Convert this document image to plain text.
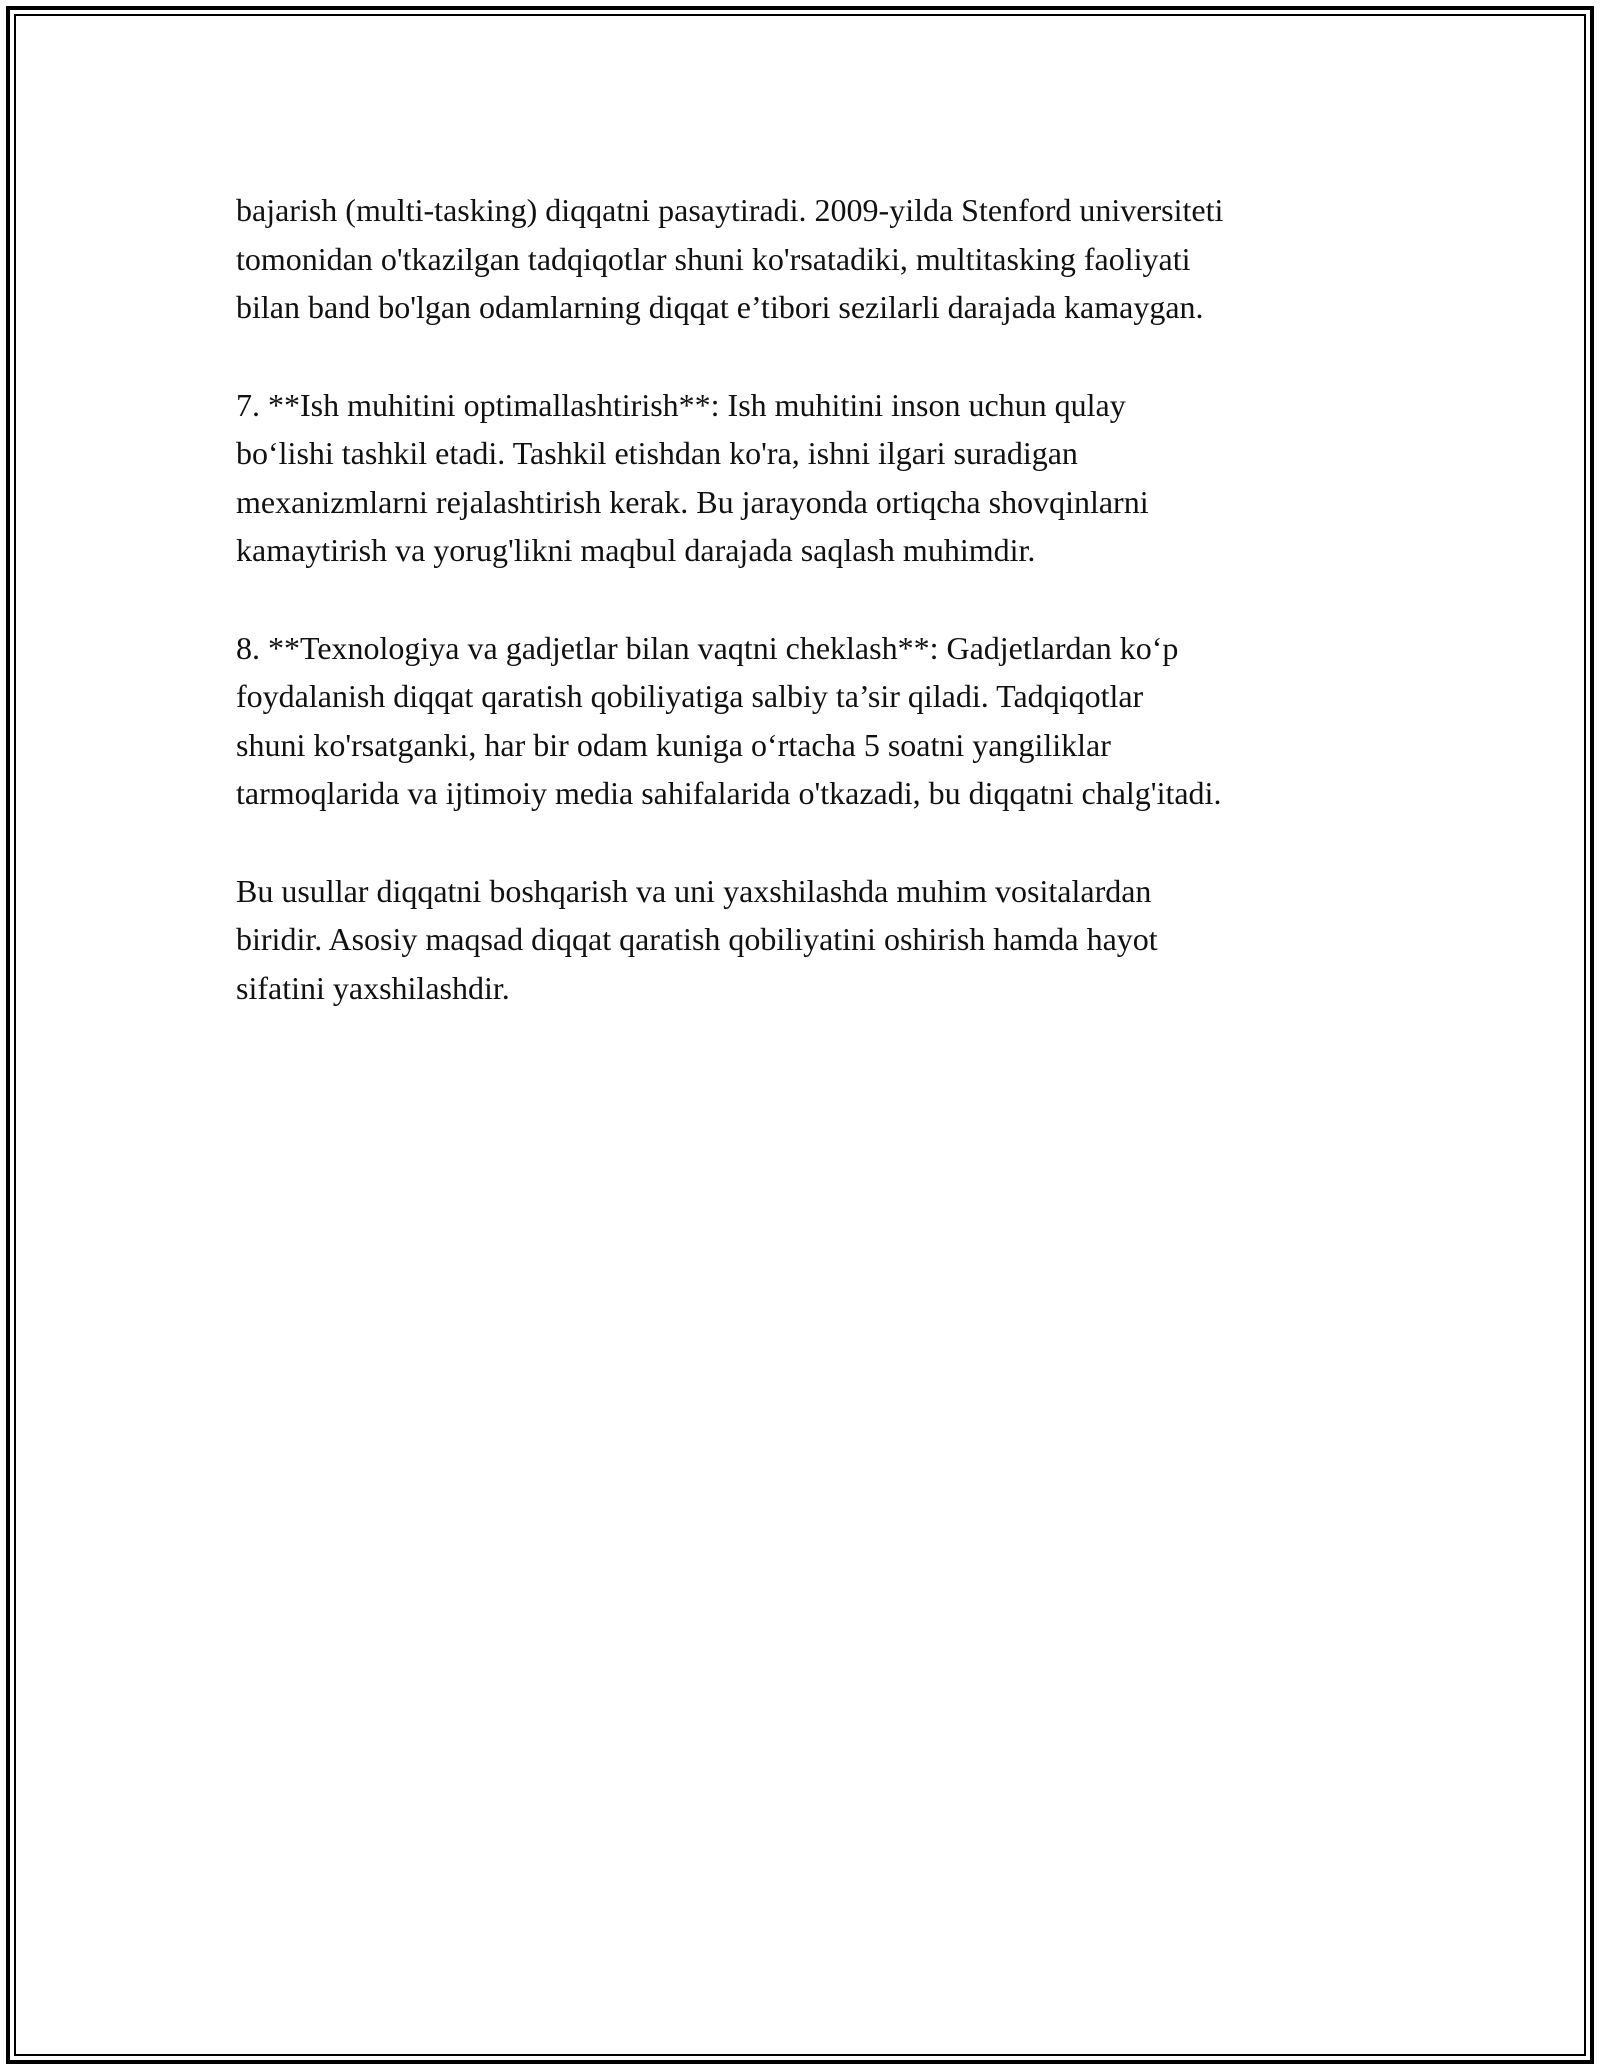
bajarish (multi-tasking) diqqatni pasaytiradi. 2009-yilda Stenford universiteti
tomonidan o'tkazilgan tadqiqotlar shuni ko'rsatadiki, multitasking faoliyati
bilan band bo'lgan odamlarning diqqat e’tibori sezilarli darajada kamaygan.

7. **Ish muhitini optimallashtirish**: Ish muhitini inson uchun qulay
bo‘lishi tashkil etadi. Tashkil etishdan ko'ra, ishni ilgari suradigan
mexanizmlarni rejalashtirish kerak. Bu jarayonda ortiqcha shovqinlarni
kamaytirish va yorug'likni maqbul darajada saqlash muhimdir.

8. **Texnologiya va gadjetlar bilan vaqtni cheklash**: Gadjetlardan ko‘p
foydalanish diqqat qaratish qobiliyatiga salbiy ta’sir qiladi. Tadqiqotlar
shuni ko'rsatganki, har bir odam kuniga o‘rtacha 5 soatni yangiliklar
tarmoqlarida va ijtimoiy media sahifalarida o'tkazadi, bu diqqatni chalg'itadi.

Bu usullar diqqatni boshqarish va uni yaxshilashda muhim vositalardan
biridir. Asosiy maqsad diqqat qaratish qobiliyatini oshirish hamda hayot
sifatini yaxshilashdir.
